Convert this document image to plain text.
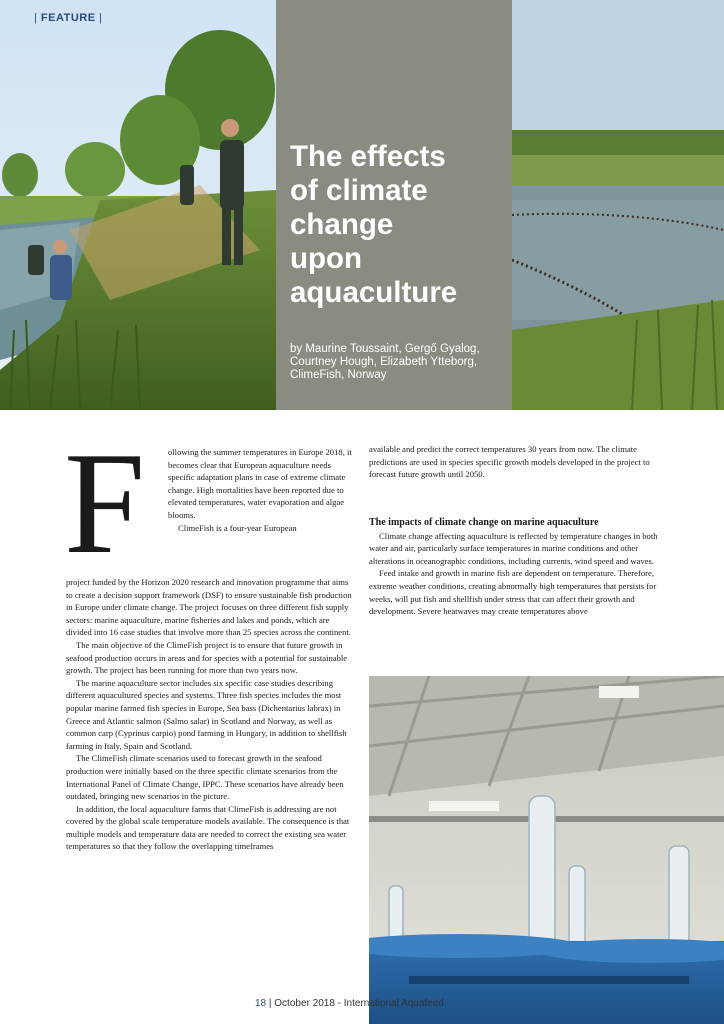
| FEATURE |
The effects
of climate
change
upon
aquaculture
by Maurine Toussaint, Gergő Gyalog, Courtney Hough, Elizabeth Ytteborg, ClimeFish, Norway
F	ollowing the summer temperatures in Europe 2018, it becomes clear that European aquaculture needs specific adaptation plans in case of extreme climate change. High mortalities have been reported due to elevated temperatures, water evaporation and algae blooms.

ClimeFish is a four-year European

project funded by the Horizon 2020 research and innovation programme that aims to create a decision support framework (DSF) to ensure sustainable fish production in Europe under climate change. The project focuses on three different fish supply sectors: marine aquaculture, marine fisheries and lakes and ponds, which are divided into 16 case studies that involve more than 25 species across the continent.

The main objective of the ClimeFish project is to ensure that future growth in seafood production occurs in areas and for species with a potential for sustainable growth. The project has been running for more than two years now.

The marine aquaculture sector includes six specific case studies describing different aquacultured species and systems. Three fish species includes the most popular marine farmed fish species in Europe, Sea bass (Dichentarius labrax) in Greece and Atlantic salmon (Salmo salar) in Scotland and Norway, as well as common carp (Cyprinus carpio) pond farming in Hungary, in addition to shellfish farming in Italy, Spain and Scotland.

The ClimeFish climate scenarios used to forecast growth in the seafood production were initially based on the three specific climate scenarios from the International Panel of Climate Change, IPPC. These scenarios have already been outdated, bringing new scenarios in the picture.

In addition, the local aquaculture farms that ClimeFish is addressing are not covered by the global scale temperature models available. The consequence is that multiple models and temperature data are needed to correct the existing sea water temperatures so that they follow the overlapping timeframes

available and predict the correct temperatures 30 years from now. The climate predictions are used in species specific growth models developed in the project to forecast future growth until 2050.

The impacts of climate change on marine aquaculture

Climate change affecting aquaculture is reflected by temperature changes in both water and air, particularly surface temperatures in marine conditions and other alterations in oceanographic conditions, including currents, wind speed and waves.

Feed intake and growth in marine fish are dependent on temperature. Therefore, extreme weather conditions, creating abnormally high temperatures that persists for weeks, will put fish and shellfish under stress that can affect their growth and development. Severe heatwaves may create temperatures above

18 | October 2018 - International Aquafeed
